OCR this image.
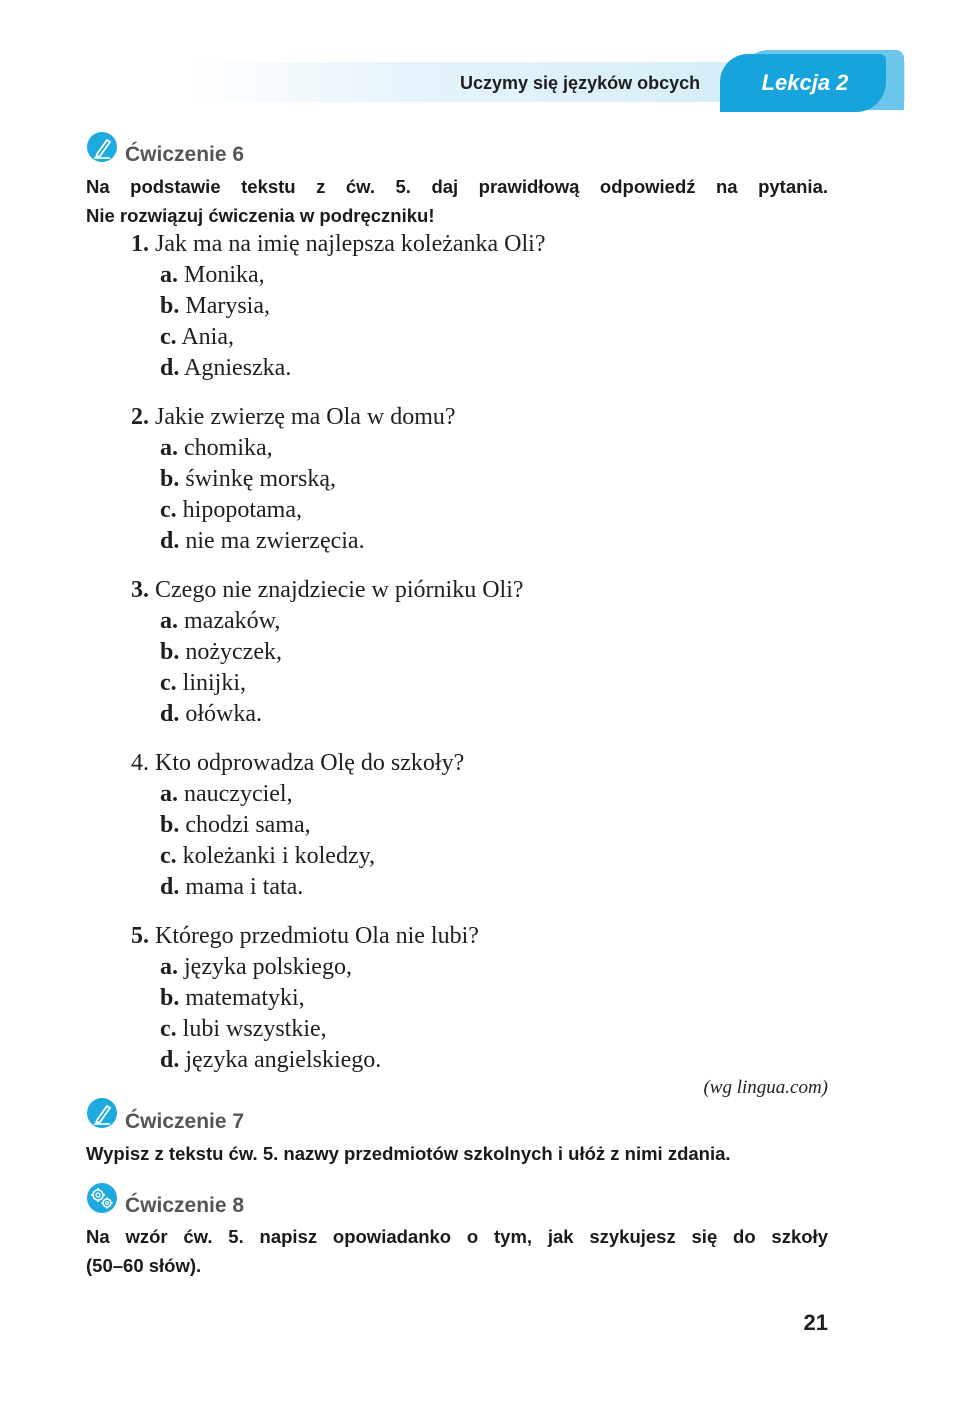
Uczymy się języków obcych	Lekcja 2
Ćwiczenie 6
Na podstawie tekstu z ćw. 5. daj prawidłową odpowiedź na pytania.
Nie rozwiązuj ćwiczenia w podręczniku!
1. Jak ma na imię najlepsza koleżanka Oli?
a. Monika,
b. Marysia,
c. Ania,
d. Agnieszka.
2. Jakie zwierzę ma Ola w domu?
a. chomika,
b. świnkę morską,
c. hipopotama,
d. nie ma zwierzęcia.
3. Czego nie znajdziecie w piórniku Oli?
a. mazaków,
b. nożyczek,
c. linijki,
d. ołówka.
4. Kto odprowadza Olę do szkoły?
a. nauczyciel,
b. chodzi sama,
c. koleżanki i koledzy,
d. mama i tata.
5. Którego przedmiotu Ola nie lubi?
a. języka polskiego,
b. matematyki,
c. lubi wszystkie,
d. języka angielskiego.
(wg lingua.com)
Ćwiczenie 7
Wypisz z tekstu ćw. 5. nazwy przedmiotów szkolnych i ułóż z nimi zdania.
Ćwiczenie 8
Na wzór ćw. 5. napisz opowiadanko o tym, jak szykujesz się do szkoły
(50–60 słów).
21
